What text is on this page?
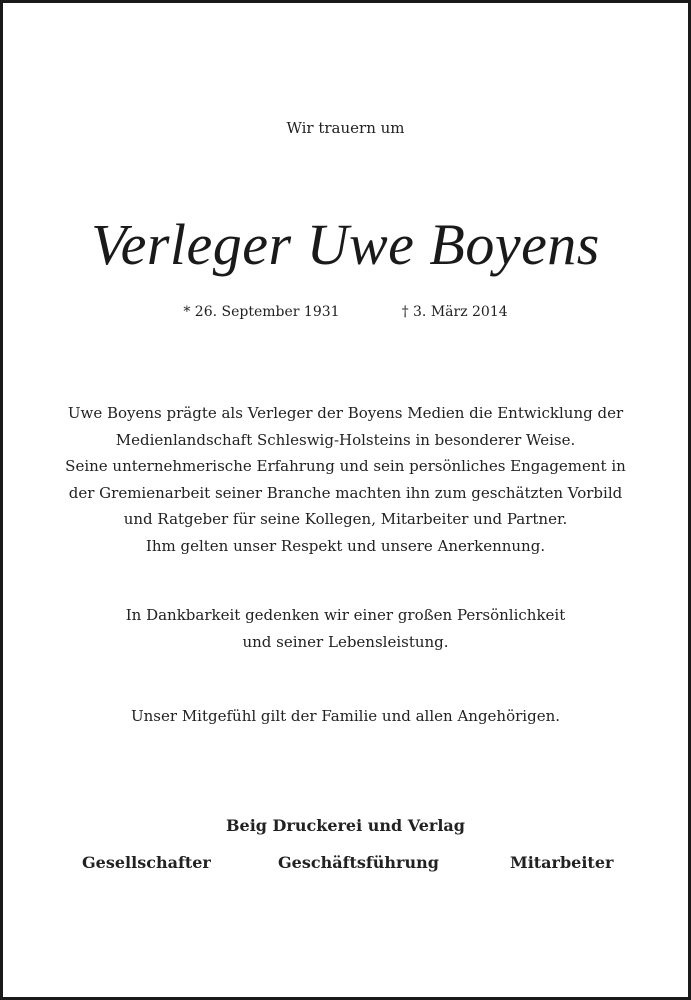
Wir trauern um
Verleger Uwe Boyens
* 26. September 1931	† 3. März 2014
Uwe Boyens prägte als Verleger der Boyens Medien die Entwicklung der
Medienlandschaft Schleswig-Holsteins in besonderer Weise.
Seine unternehmerische Erfahrung und sein persönliches Engagement in
der Gremienarbeit seiner Branche machten ihn zum geschätzten Vorbild
und Ratgeber für seine Kollegen, Mitarbeiter und Partner.
Ihm gelten unser Respekt und unsere Anerkennung.
In Dankbarkeit gedenken wir einer großen Persönlichkeit
und seiner Lebensleistung.
Unser Mitgefühl gilt der Familie und allen Angehörigen.
Beig Druckerei und Verlag
Gesellschafter	Geschäftsführung	Mitarbeiter
